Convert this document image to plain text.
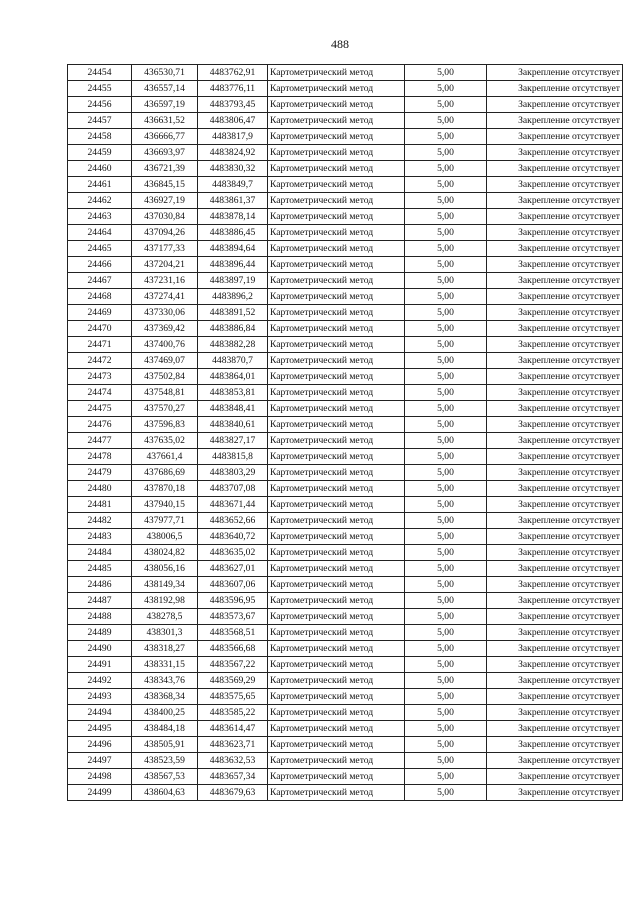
488
24454	436530,71	4483762,91	Картометрический метод	5,00	Закрепление отсутствует
24455	436557,14	4483776,11	Картометрический метод	5,00	Закрепление отсутствует
24456	436597,19	4483793,45	Картометрический метод	5,00	Закрепление отсутствует
24457	436631,52	4483806,47	Картометрический метод	5,00	Закрепление отсутствует
24458	436666,77	4483817,9	Картометрический метод	5,00	Закрепление отсутствует
24459	436693,97	4483824,92	Картометрический метод	5,00	Закрепление отсутствует
24460	436721,39	4483830,32	Картометрический метод	5,00	Закрепление отсутствует
24461	436845,15	4483849,7	Картометрический метод	5,00	Закрепление отсутствует
24462	436927,19	4483861,37	Картометрический метод	5,00	Закрепление отсутствует
24463	437030,84	4483878,14	Картометрический метод	5,00	Закрепление отсутствует
24464	437094,26	4483886,45	Картометрический метод	5,00	Закрепление отсутствует
24465	437177,33	4483894,64	Картометрический метод	5,00	Закрепление отсутствует
24466	437204,21	4483896,44	Картометрический метод	5,00	Закрепление отсутствует
24467	437231,16	4483897,19	Картометрический метод	5,00	Закрепление отсутствует
24468	437274,41	4483896,2	Картометрический метод	5,00	Закрепление отсутствует
24469	437330,06	4483891,52	Картометрический метод	5,00	Закрепление отсутствует
24470	437369,42	4483886,84	Картометрический метод	5,00	Закрепление отсутствует
24471	437400,76	4483882,28	Картометрический метод	5,00	Закрепление отсутствует
24472	437469,07	4483870,7	Картометрический метод	5,00	Закрепление отсутствует
24473	437502,84	4483864,01	Картометрический метод	5,00	Закрепление отсутствует
24474	437548,81	4483853,81	Картометрический метод	5,00	Закрепление отсутствует
24475	437570,27	4483848,41	Картометрический метод	5,00	Закрепление отсутствует
24476	437596,83	4483840,61	Картометрический метод	5,00	Закрепление отсутствует
24477	437635,02	4483827,17	Картометрический метод	5,00	Закрепление отсутствует
24478	437661,4	4483815,8	Картометрический метод	5,00	Закрепление отсутствует
24479	437686,69	4483803,29	Картометрический метод	5,00	Закрепление отсутствует
24480	437870,18	4483707,08	Картометрический метод	5,00	Закрепление отсутствует
24481	437940,15	4483671,44	Картометрический метод	5,00	Закрепление отсутствует
24482	437977,71	4483652,66	Картометрический метод	5,00	Закрепление отсутствует
24483	438006,5	4483640,72	Картометрический метод	5,00	Закрепление отсутствует
24484	438024,82	4483635,02	Картометрический метод	5,00	Закрепление отсутствует
24485	438056,16	4483627,01	Картометрический метод	5,00	Закрепление отсутствует
24486	438149,34	4483607,06	Картометрический метод	5,00	Закрепление отсутствует
24487	438192,98	4483596,95	Картометрический метод	5,00	Закрепление отсутствует
24488	438278,5	4483573,67	Картометрический метод	5,00	Закрепление отсутствует
24489	438301,3	4483568,51	Картометрический метод	5,00	Закрепление отсутствует
24490	438318,27	4483566,68	Картометрический метод	5,00	Закрепление отсутствует
24491	438331,15	4483567,22	Картометрический метод	5,00	Закрепление отсутствует
24492	438343,76	4483569,29	Картометрический метод	5,00	Закрепление отсутствует
24493	438368,34	4483575,65	Картометрический метод	5,00	Закрепление отсутствует
24494	438400,25	4483585,22	Картометрический метод	5,00	Закрепление отсутствует
24495	438484,18	4483614,47	Картометрический метод	5,00	Закрепление отсутствует
24496	438505,91	4483623,71	Картометрический метод	5,00	Закрепление отсутствует
24497	438523,59	4483632,53	Картометрический метод	5,00	Закрепление отсутствует
24498	438567,53	4483657,34	Картометрический метод	5,00	Закрепление отсутствует
24499	438604,63	4483679,63	Картометрический метод	5,00	Закрепление отсутствует
